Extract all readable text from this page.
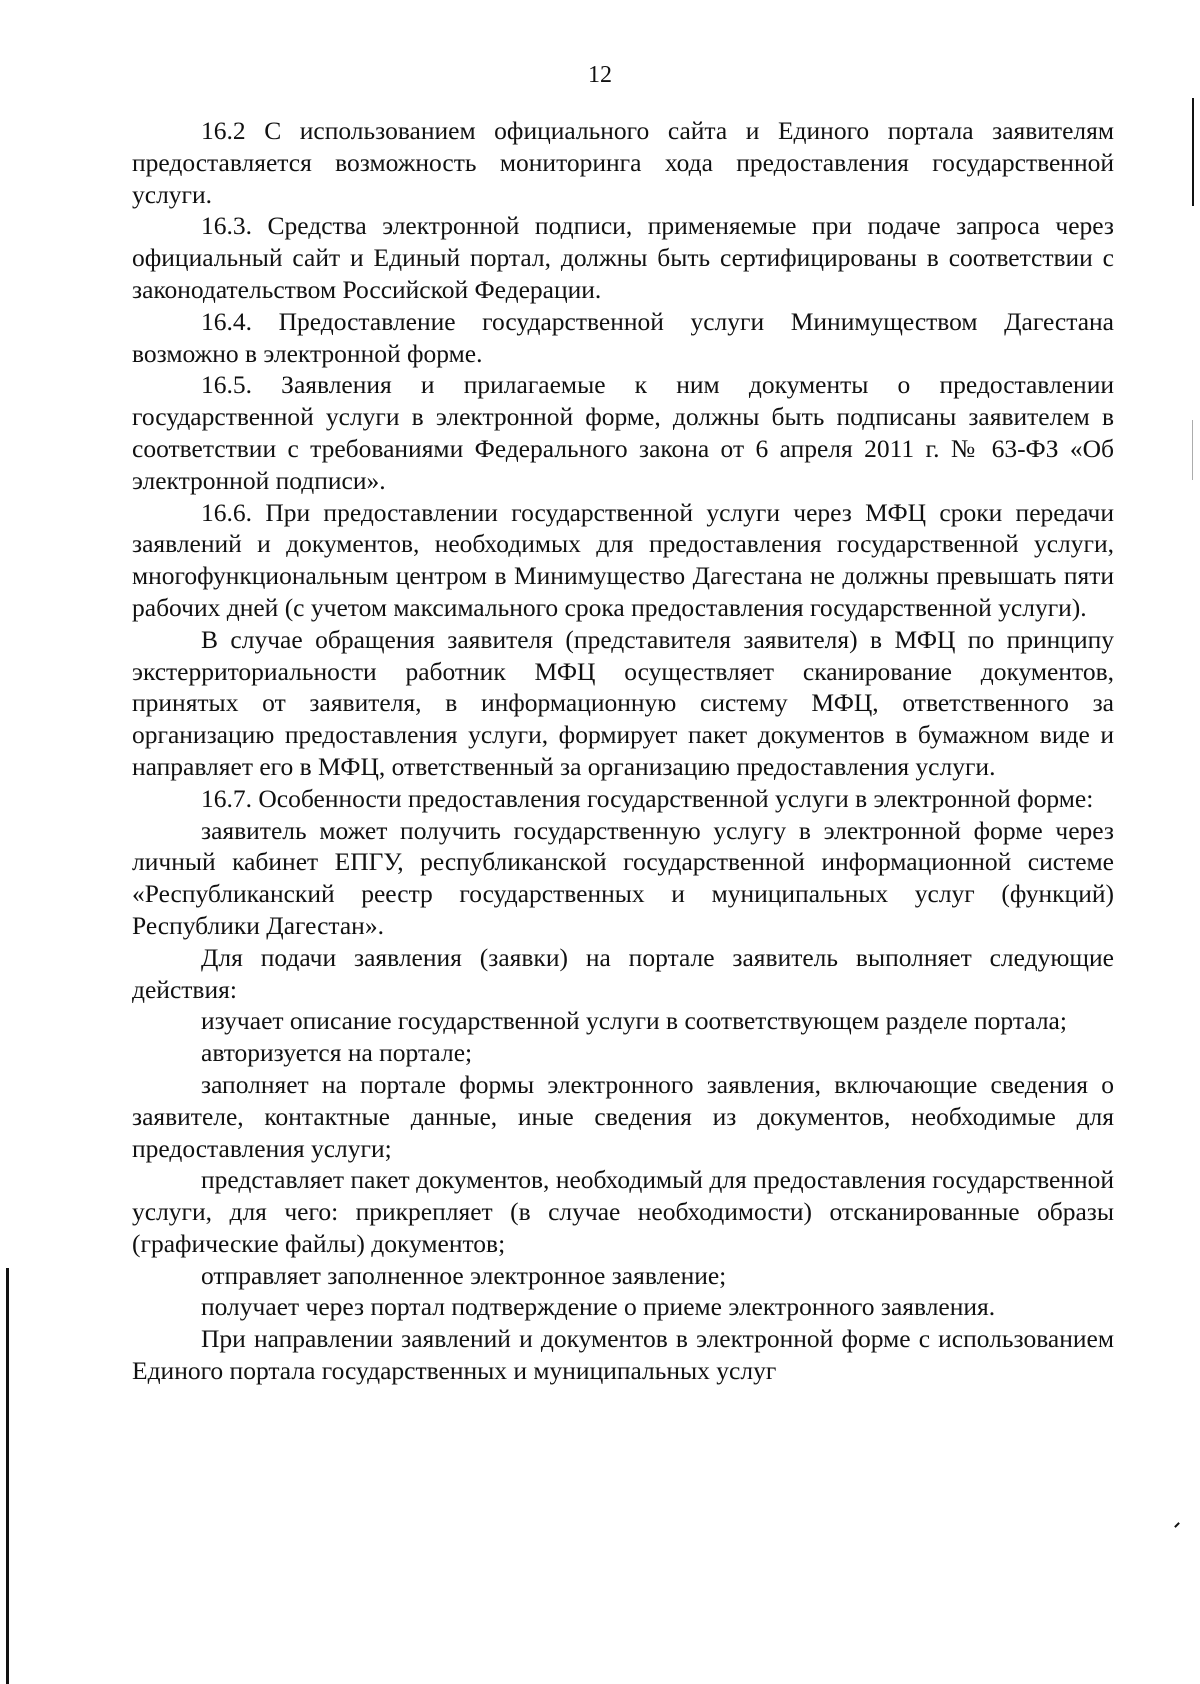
12

16.2 С использованием официального сайта и Единого портала заявителям предоставляется возможность мониторинга хода предоставления государственной услуги.

16.3. Средства электронной подписи, применяемые при подаче запроса через официальный сайт и Единый портал, должны быть сертифицированы в соответствии с законодательством Российской Федерации.

16.4. Предоставление государственной услуги Минимуществом Дагестана возможно в электронной форме.

16.5. Заявления и прилагаемые к ним документы о предоставлении государственной услуги в электронной форме, должны быть подписаны заявителем в соответствии с требованиями Федерального закона от 6 апреля 2011 г. № 63-ФЗ «Об электронной подписи».

16.6. При предоставлении государственной услуги через МФЦ сроки передачи заявлений и документов, необходимых для предоставления государственной услуги, многофункциональным центром в Минимущество Дагестана не должны превышать пяти рабочих дней (с учетом максимального срока предоставления государственной услуги).

В случае обращения заявителя (представителя заявителя) в МФЦ по принципу экстерриториальности работник МФЦ осуществляет сканирование документов, принятых от заявителя, в информационную систему МФЦ, ответственного за организацию предоставления услуги, формирует пакет документов в бумажном виде и направляет его в МФЦ, ответственный за организацию предоставления услуги.

16.7. Особенности предоставления государственной услуги в электронной форме:

заявитель может получить государственную услугу в электронной форме через личный кабинет ЕПГУ, республиканской государственной информационной системе «Республиканский реестр государственных и муниципальных услуг (функций) Республики Дагестан».

Для подачи заявления (заявки) на портале заявитель выполняет следующие действия:

изучает описание государственной услуги в соответствующем разделе портала;

авторизуется на портале;

заполняет на портале формы электронного заявления, включающие сведения о заявителе, контактные данные, иные сведения из документов, необходимые для предоставления услуги;

представляет пакет документов, необходимый для предоставления государственной услуги, для чего: прикрепляет (в случае необходимости) отсканированные образы (графические файлы) документов;

отправляет заполненное электронное заявление;

получает через портал подтверждение о приеме электронного заявления.

При направлении заявлений и документов в электронной форме с использованием Единого портала государственных и муниципальных услуг
